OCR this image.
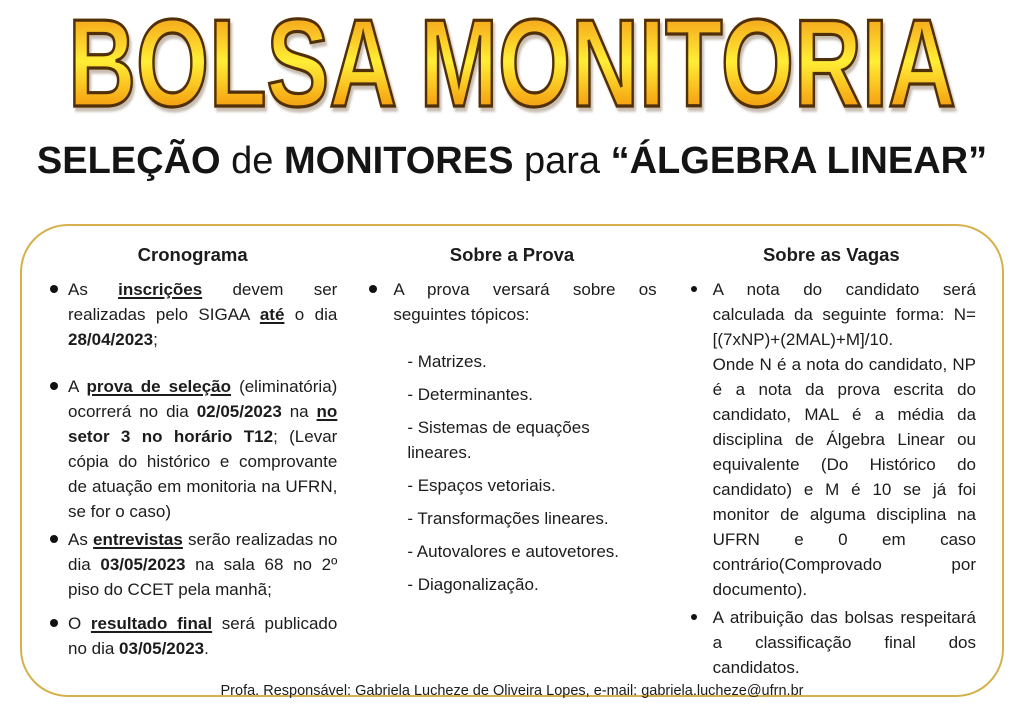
BOLSA MONITORIA
SELEÇÃO de MONITORES para “ÁLGEBRA LINEAR”
Cronograma
As inscrições devem ser realizadas pelo SIGAA até o dia 28/04/2023;
A prova de seleção (eliminatória) ocorrerá no dia 02/05/2023 na no setor 3 no horário T12; (Levar cópia do histórico e comprovante de atuação em monitoria na UFRN, se for o caso)
As entrevistas serão realizadas no dia 03/05/2023 na sala 68 no 2º piso do CCET pela manhã;
O resultado final será publicado no dia 03/05/2023.
Sobre a Prova
A prova versará sobre os seguintes tópicos:
- Matrizes.
- Determinantes.
- Sistemas de equações lineares.
- Espaços vetoriais.
- Transformações lineares.
- Autovalores e autovetores.
- Diagonalização.
Sobre as Vagas
A nota do candidato será calculada da seguinte forma: N=[(7xNP)+(2MAL)+M]/10.
Onde N é a nota do candidato, NP é a nota da prova escrita do candidato, MAL é a média da disciplina de Álgebra Linear ou equivalente (Do Histórico do candidato) e M é 10 se já foi monitor de alguma disciplina na UFRN e 0 em caso contrário(Comprovado por documento).
A atribuição das bolsas respeitará a classificação final dos candidatos.
Profa. Responsável: Gabriela Lucheze de Oliveira Lopes, e-mail: gabriela.lucheze@ufrn.br
